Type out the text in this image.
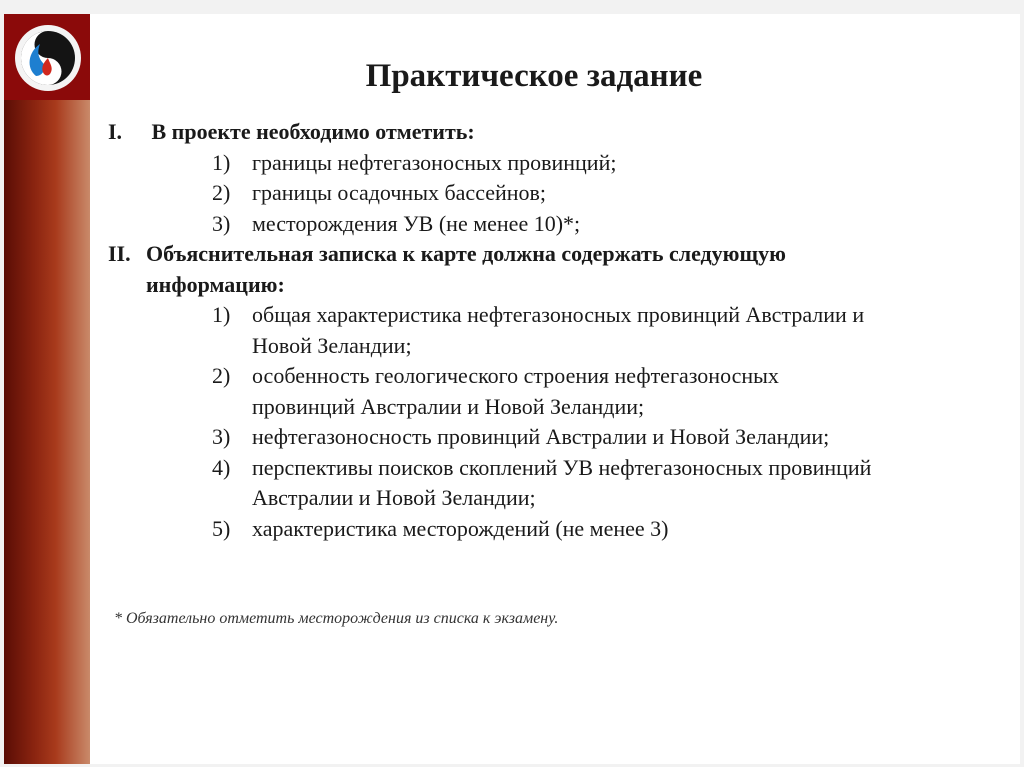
Практическое задание
I. В проекте необходимо отметить:
1) границы нефтегазоносных провинций;
2) границы осадочных бассейнов;
3) месторождения УВ (не менее 10)*;
II. Объяснительная записка к карте должна содержать следующую
информацию:
1) общая характеристика нефтегазоносных провинций Австралии и
Новой Зеландии;
2) особенность геологического строения нефтегазоносных
провинций Австралии и Новой Зеландии;
3) нефтегазоносность провинций Австралии и Новой Зеландии;
4) перспективы поисков скоплений УВ нефтегазоносных провинций
Австралии и Новой Зеландии;
5) характеристика месторождений (не менее 3)
* Обязательно отметить месторождения из списка к экзамену.
